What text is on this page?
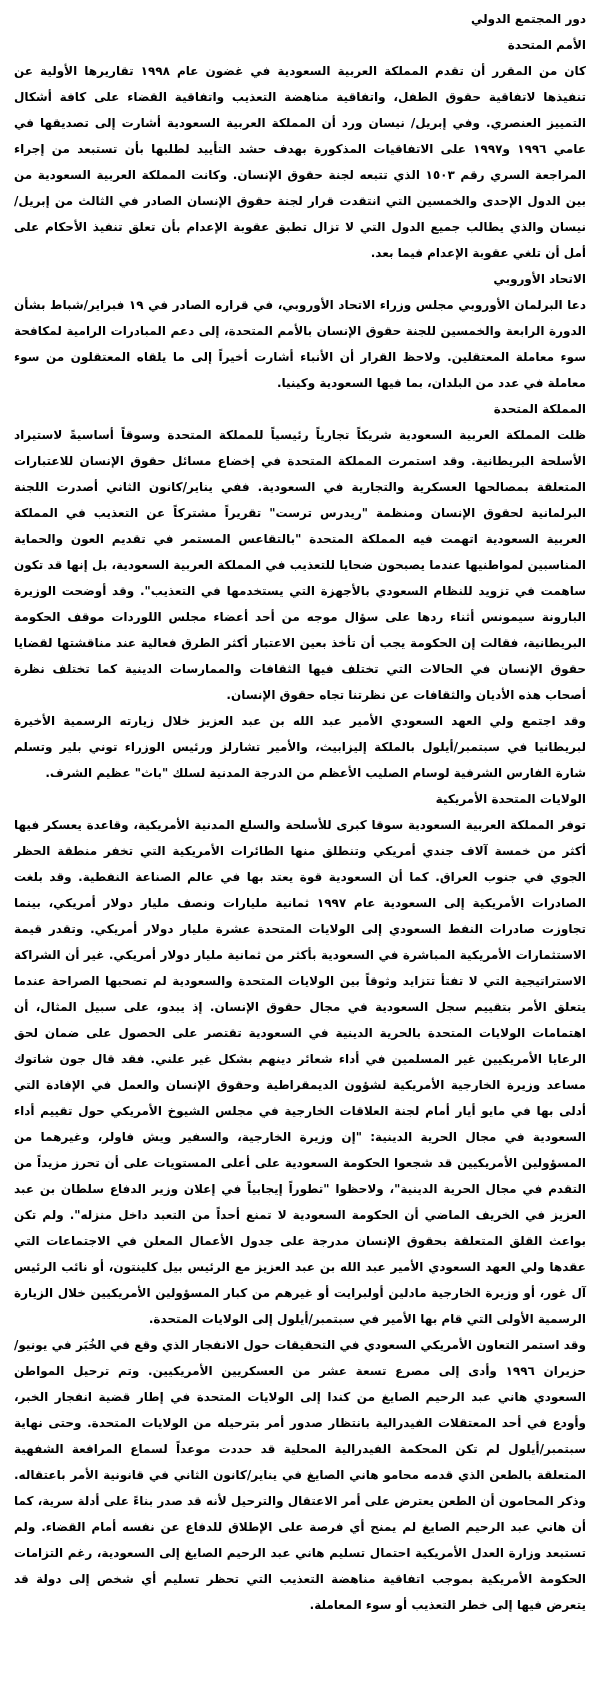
دور المجتمع الدولي
الأمم المتحدة

كان من المقرر أن تقدم المملكة العربية السعودية في غضون عام ١٩٩٨ تقاريرها الأولية عن تنفيذها لاتفاقية حقوق الطفل، واتفاقية مناهضة التعذيب واتفاقية القضاء على كافة أشكال التمييز العنصري. وفي إبريل/ نيسان ورد أن المملكة العربية السعودية أشارت إلى تصديقها في عامي ١٩٩٦ و١٩٩٧ على الاتفاقيات المذكورة بهدف حشد التأييد لطلبها بأن تستبعد من إجراء المراجعة السري رقم ١٥٠٣ الذي تتبعه لجنة حقوق الإنسان. وكانت المملكة العربية السعودية من بين الدول الإحدى والخمسين التي انتقدت قرار لجنة حقوق الإنسان الصادر في الثالث من إبريل/نيسان والذي يطالب جميع الدول التي لا تزال تطبق عقوبة الإعدام بأن تعلق تنفيذ الأحكام على أمل أن تلغي عقوبة الإعدام فيما بعد.

الاتحاد الأوروبي

دعا البرلمان الأوروبي مجلس وزراء الاتحاد الأوروبي، في قراره الصادر في ١٩ فبراير/شباط بشأن الدورة الرابعة والخمسين للجنة حقوق الإنسان بالأمم المتحدة، إلى دعم المبادرات الرامية لمكافحة سوء معاملة المعتقلين. ولاحظ القرار أن الأنباء أشارت أخيراً إلى ما يلقاه المعتقلون من سوء معاملة في عدد من البلدان، بما فيها السعودية وكينيا.

المملكة المتحدة

ظلت المملكة العربية السعودية شريكاً تجارياً رئيسياً للمملكة المتحدة وسوقاً أساسيةً لاستيراد الأسلحة البريطانية. وقد استمرت المملكة المتحدة في إخضاع مسائل حقوق الإنسان للاعتبارات المتعلقة بمصالحها العسكرية والتجارية في السعودية. ففي يناير/كانون الثاني أصدرت اللجنة البرلمانية لحقوق الإنسان ومنظمة "ريدرس ترست" تقريراً مشتركاً عن التعذيب في المملكة العربية السعودية اتهمت فيه المملكة المتحدة "بالتقاعس المستمر في تقديم العون والحماية المناسبين لمواطنيها عندما يصبحون ضحايا للتعذيب في المملكة العربية السعودية، بل إنها قد تكون ساهمت في تزويد للنظام السعودي بالأجهزة التي يستخدمها في التعذيب". وقد أوضحت الوزيرة البارونة سيمونس أثناء ردها على سؤال موجه من أحد أعضاء مجلس اللوردات موقف الحكومة البريطانية، فقالت إن الحكومة يجب أن تأخذ بعين الاعتبار أكثر الطرق فعالية عند مناقشتها لقضايا حقوق الإنسان في الحالات التي تختلف فيها الثقافات والممارسات الدينية كما تختلف نظرة أصحاب هذه الأديان والثقافات عن نظرتنا تجاه حقوق الإنسان.

وقد اجتمع ولي العهد السعودي الأمير عبد الله بن عبد العزيز خلال زيارته الرسمية الأخيرة لبريطانيا في سبتمبر/أيلول بالملكة إليزابيث، والأمير تشارلز ورئيس الوزراء توني بلير وتسلم شارة الفارس الشرفية لوسام الصليب الأعظم من الدرجة المدنية لسلك "باث" عظيم الشرف.

الولايات المتحدة الأمريكية

توفر المملكة العربية السعودية سوقا كبرى للأسلحة والسلع المدنية الأمريكية، وقاعدة يعسكر فيها أكثر من خمسة آلاف جندي أمريكي وتنطلق منها الطائرات الأمريكية التي تخفر منطقة الحظر الجوي في جنوب العراق. كما أن السعودية قوة يعتد بها في عالم الصناعة النفطية. وقد بلغت الصادرات الأمريكية إلى السعودية عام ١٩٩٧ ثمانية مليارات ونصف مليار دولار أمريكي، بينما تجاوزت صادرات النفط السعودي إلى الولايات المتحدة عشرة مليار دولار أمريكي. وتقدر قيمة الاستثمارات الأمريكية المباشرة في السعودية بأكثر من ثمانية مليار دولار أمريكي. غير أن الشراكة الاستراتيجية التي لا تفتأ تتزايد وثوقاً بين الولايات المتحدة والسعودية لم تصحبها الصراحة عندما يتعلق الأمر بتقييم سجل السعودية في مجال حقوق الإنسان. إذ يبدو، على سبيل المثال، أن اهتمامات الولايات المتحدة بالحرية الدينية في السعودية تقتصر على الحصول على ضمان لحق الرعايا الأمريكيين غير المسلمين في أداء شعائر دينهم بشكل غير علني. فقد قال جون شاتوك مساعد وزيرة الخارجية الأمريكية لشؤون الديمقراطية وحقوق الإنسان والعمل في الإفادة التي أدلى بها في مايو أيار أمام لجنة العلاقات الخارجية في مجلس الشيوخ الأمريكي حول تقييم أداء السعودية في مجال الحرية الدينية: "إن وزيرة الخارجية، والسفير ويش فاولر، وغيرهما من المسؤولين الأمريكيين قد شجعوا الحكومة السعودية على أعلى المستويات على أن تحرز مزيداً من التقدم في مجال الحرية الدينية"، ولاحظوا "تطوراً إيجابياً في إعلان وزير الدفاع سلطان بن عبد العزيز في الخريف الماضي أن الحكومة السعودية لا تمنع أحداً من التعبد داخل منزله". ولم تكن بواعث القلق المتعلقة بحقوق الإنسان مدرجة على جدول الأعمال المعلن في الاجتماعات التي عقدها ولي العهد السعودي الأمير عبد الله بن عبد العزيز مع الرئيس بيل كلينتون، أو نائب الرئيس آل غور، أو وزيرة الخارجية مادلين أولبرايت أو غيرهم من كبار المسؤولين الأمريكيين خلال الزيارة الرسمية الأولى التي قام بها الأمير في سبتمبر/أيلول إلى الولايات المتحدة.

وقد استمر التعاون الأمريكي السعودي في التحقيقات حول الانفجار الذي وقع في الخُبَر في يونيو/حزيران ١٩٩٦ وأدى إلى مصرع تسعة عشر من العسكريين الأمريكيين. وتم ترحيل المواطن السعودي هاني عبد الرحيم الصايغ من كندا إلى الولايات المتحدة في إطار قضية انفجار الخبر، وأودع في أحد المعتقلات الفيدرالية بانتظار صدور أمر بترحيله من الولايات المتحدة. وحتى نهاية سبتمبر/أيلول لم تكن المحكمة الفيدرالية المحلية قد حددت موعداً لسماع المرافعة الشفهية المتعلقة بالطعن الذي قدمه محامو هاني الصايغ في يناير/كانون الثاني في قانونية الأمر باعتقاله. وذكر المحامون أن الطعن يعترض على أمر الاعتقال والترحيل لأنه قد صدر بناءً على أدلة سرية، كما أن هاني عبد الرحيم الصايغ لم يمنح أي فرصة على الإطلاق للدفاع عن نفسه أمام القضاء. ولم تستبعد وزارة العدل الأمريكية احتمال تسليم هاني عبد الرحيم الصايغ إلى السعودية، رغم التزامات الحكومة الأمريكية بموجب اتفاقية مناهضة التعذيب التي تحظر تسليم أي شخص إلى دولة قد يتعرض فيها إلى خطر التعذيب أو سوء المعاملة.
